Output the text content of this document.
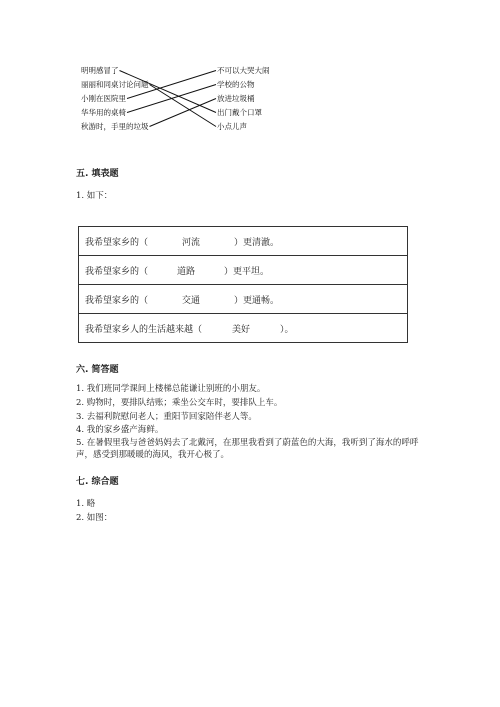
明明感冒了
丽丽和同桌讨论问题
小刚在医院里
华华用的桌椅
秋游时，手里的垃圾
不可以大哭大闹
学校的公物
放进垃圾桶
出门戴个口罩
小点儿声
五. 填表题
1. 如下：
我希望家乡的（	河流	）更清澈。
我希望家乡的（	道路	）更平坦。
我希望家乡的（	交通	）更通畅。
我希望家乡人的生活越来越（	美好	）。
六. 简答题
1. 我们班同学课间上楼梯总能谦让别班的小朋友。
2. 购物时，要排队结账；乘坐公交车时，要排队上车。
3. 去福利院慰问老人；重阳节回家陪伴老人等。
4. 我的家乡盛产海鲜。
5. 在暑假里我与爸爸妈妈去了北戴河，在那里我看到了蔚蓝色的大海，我听到了海水的呼呼声，感受到那暖暖的海风，我开心极了。
七. 综合题
1. 略
2. 如图：
